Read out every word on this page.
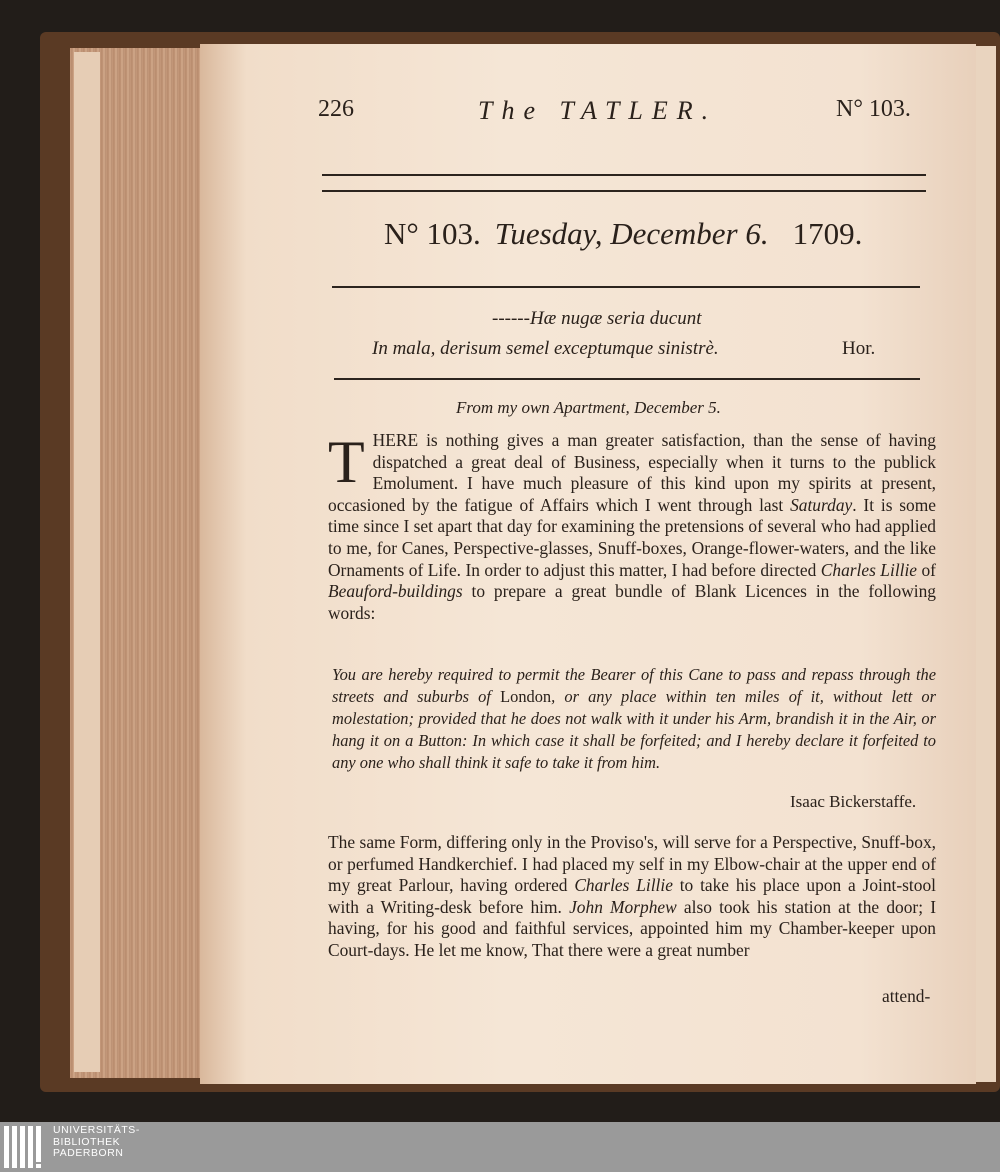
226	The TATLER.	N° 103.
N° 103. Tuesday, December 6. 1709.
------Hæ nugæ seria ducunt
In mala, derisum semel exceptumque sinistrè.	Hor.
From my own Apartment, December 5.
THERE is nothing gives a man greater satisfaction, than the sense of having dispatched a great deal of Business, especially when it turns to the publick Emolument. I have much pleasure of this kind upon my spirits at present, occasioned by the fatigue of Affairs which I went through last Saturday. It is some time since I set apart that day for examining the pretensions of several who had applied to me, for Canes, Perspective-glasses, Snuff-boxes, Orange-flower-waters, and the like Ornaments of Life. In order to adjust this matter, I had before directed Charles Lillie of Beauford-buildings to prepare a great bundle of Blank Licences in the following words:
You are hereby required to permit the Bearer of this Cane to pass and repass through the streets and suburbs of London, or any place within ten miles of it, without lett or molestation; provided that he does not walk with it under his Arm, brandish it in the Air, or hang it on a Button: In which case it shall be forfeited; and I hereby declare it forfeited to any one who shall think it safe to take it from him.
Isaac Bickerstaffe.
The same Form, differing only in the Proviso's, will serve for a Perspective, Snuff-box, or perfumed Handkerchief. I had placed my self in my Elbow-chair at the upper end of my great Parlour, having ordered Charles Lillie to take his place upon a Joint-stool with a Writing-desk before him. John Morphew also took his station at the door; I having, for his good and faithful services, appointed him my Chamber-keeper upon Court-days. He let me know, That there were a great number
attend-
UNIVERSITÄTS-
BIBLIOTHEK
PADERBORN
